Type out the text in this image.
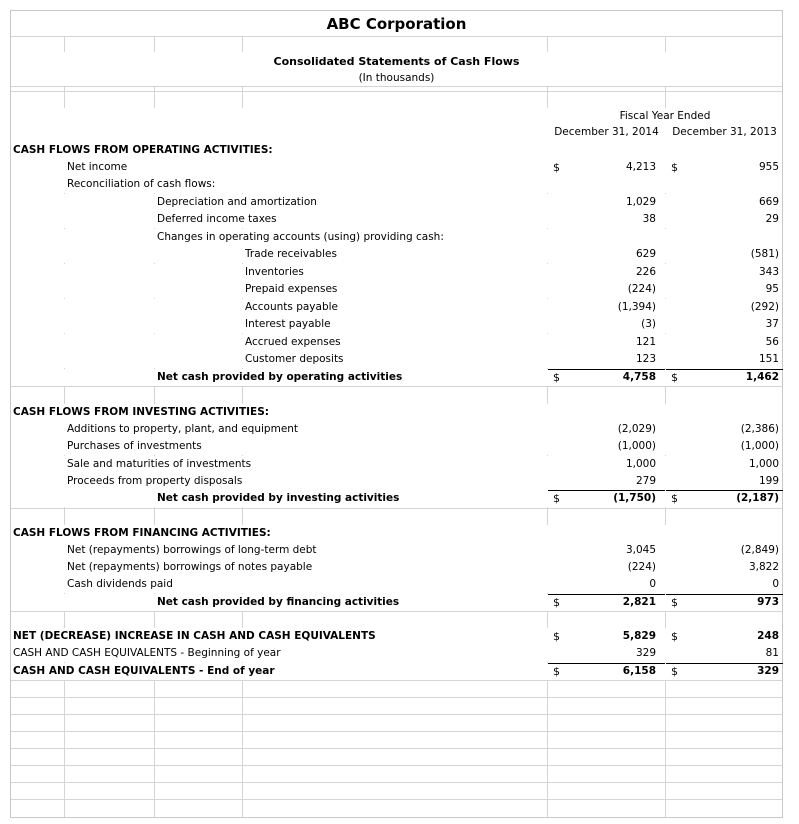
ABC Corporation
Consolidated Statements of Cash Flows
(In thousands)
Fiscal Year Ended
December 31, 2014	December 31, 2013
CASH FLOWS FROM OPERATING ACTIVITIES:
Net income	$	4,213 $	955
Reconciliation of cash flows:
Depreciation and amortization	1,029	669
Deferred income taxes	38	29
Changes in operating accounts (using) providing cash:
Trade receivables	629	(581)
Inventories	226	343
Prepaid expenses	(224)	95
Accounts payable	(1,394)	(292)
Interest payable	(3)	37
Accrued expenses	121	56
Customer deposits	123	151
Net cash provided by operating activities	$	4,758 $	1,462
CASH FLOWS FROM INVESTING ACTIVITIES:
Additions to property, plant, and equipment	(2,029)	(2,386)
Purchases of investments	(1,000)	(1,000)
Sale and maturities of investments	1,000	1,000
Proceeds from property disposals	279	199
Net cash provided by investing activities	$	(1,750) $	(2,187)
CASH FLOWS FROM FINANCING ACTIVITIES:
Net (repayments) borrowings of long-term debt	3,045	(2,849)
Net (repayments) borrowings of notes payable	(224)	3,822
Cash dividends paid	0	0
Net cash provided by financing activities	$	2,821 $	973
NET (DECREASE) INCREASE IN CASH AND CASH EQUIVALENTS	$	5,829 $	248
CASH AND CASH EQUIVALENTS - Beginning of year	329	81
CASH AND CASH EQUIVALENTS - End of year	$	6,158 $	329
